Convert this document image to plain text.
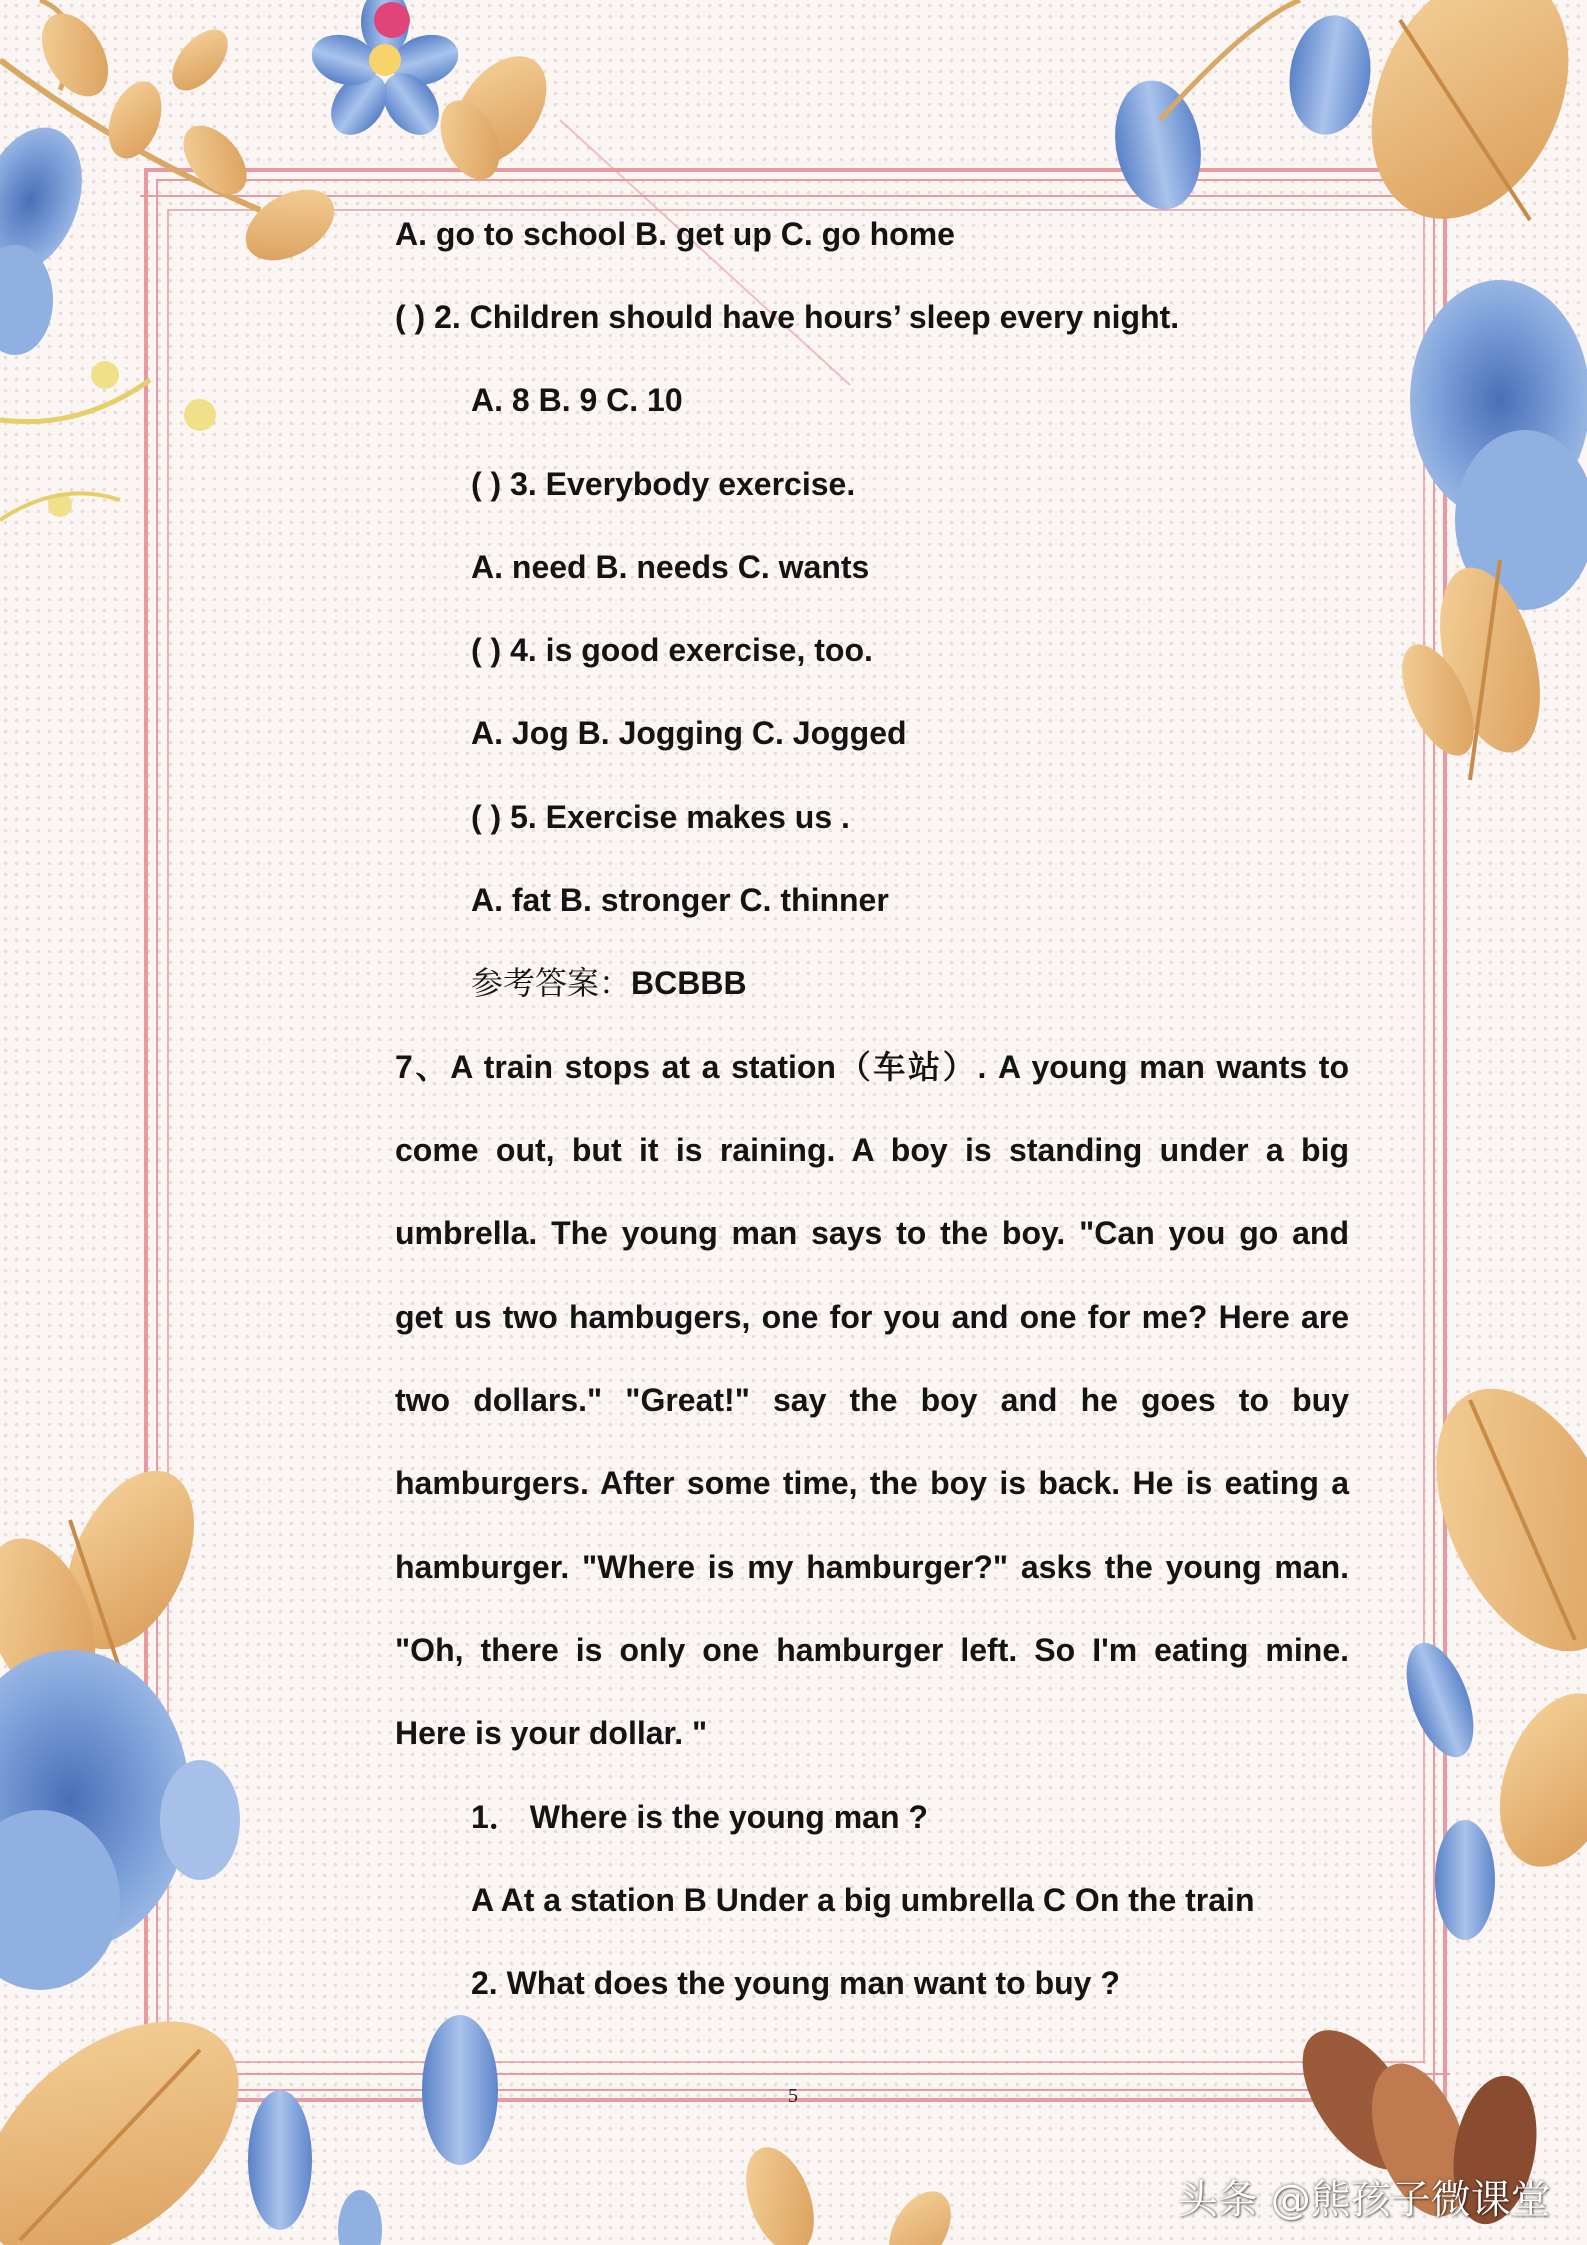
A. go to school B. get up C. go home
( ) 2. Children should have hours’ sleep every night.
A. 8 B. 9 C. 10
( ) 3. Everybody exercise.
A. need B. needs C. wants
( ) 4. is good exercise, too.
A. Jog B. Jogging C. Jogged
( ) 5. Exercise makes us .
A. fat B. stronger C. thinner
参考答案：BCBBB
7、A train stops at a station（车站）. A young man wants to
come out, but it is raining. A boy is standing under a big
umbrella. The young man says to the boy. "Can you go and
get us two hambugers, one for you and one for me? Here are
two dollars." "Great!" say the boy and he goes to buy
hamburgers. After some time, the boy is back. He is eating a
hamburger. "Where is my hamburger?" asks the young man.
"Oh, there is only one hamburger left. So I'm eating mine.
Here is your dollar. "
1． Where is the young man ?
A At a station B Under a big umbrella C On the train
2. What does the young man want to buy ?
5
头条 @熊孩子微课堂
